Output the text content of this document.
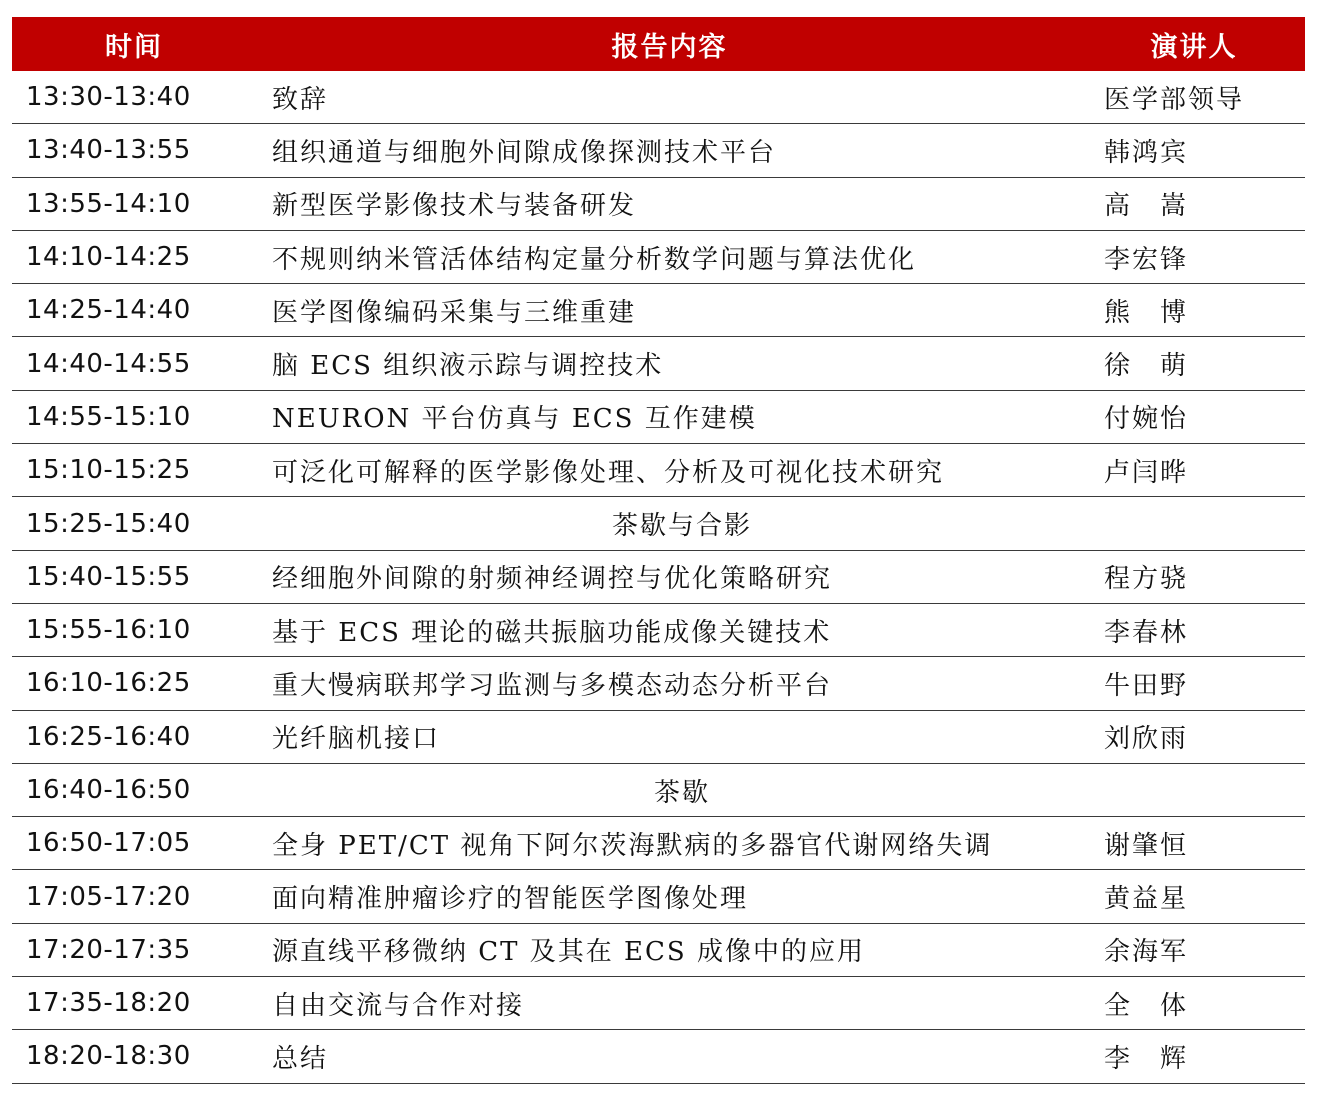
时间	报告内容	演讲人
13:30-13:40	致辞	医学部领导
13:40-13:55	组织通道与细胞外间隙成像探测技术平台	韩鸿宾
13:55-14:10	新型医学影像技术与装备研发	高　嵩
14:10-14:25	不规则纳米管活体结构定量分析数学问题与算法优化	李宏锋
14:25-14:40	医学图像编码采集与三维重建	熊　博
14:40-14:55	脑 ECS 组织液示踪与调控技术	徐　萌
14:55-15:10	NEURON 平台仿真与 ECS 互作建模	付婉怡
15:10-15:25	可泛化可解释的医学影像处理、分析及可视化技术研究	卢闫晔
15:25-15:40	茶歇与合影
15:40-15:55	经细胞外间隙的射频神经调控与优化策略研究	程方骁
15:55-16:10	基于 ECS 理论的磁共振脑功能成像关键技术	李春林
16:10-16:25	重大慢病联邦学习监测与多模态动态分析平台	牛田野
16:25-16:40	光纤脑机接口	刘欣雨
16:40-16:50	茶歇
16:50-17:05	全身 PET/CT 视角下阿尔茨海默病的多器官代谢网络失调	谢肇恒
17:05-17:20	面向精准肿瘤诊疗的智能医学图像处理	黄益星
17:20-17:35	源直线平移微纳 CT 及其在 ECS 成像中的应用	余海军
17:35-18:20	自由交流与合作对接	全　体
18:20-18:30	总结	李　辉
